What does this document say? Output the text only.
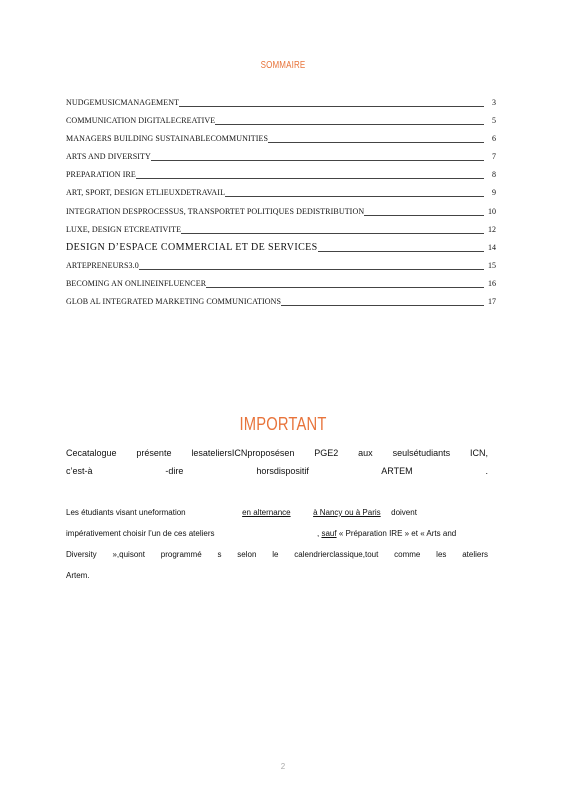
SOMMAIRE
NUDGEMUSICMANAGEMENT	3
COMMUNICATION DIGITALECREATIVE	5
MANAGERS BUILDING SUSTAINABLECOMMUNITIES	6
ARTS AND DIVERSITY	7
PREPARATION IRE	8
ART, SPORT, DESIGN ETLIEUXDETRAVAIL	9
INTEGRATION DESPROCESSUS, TRANSPORTET POLITIQUES DEDISTRIBUTION	10
LUXE, DESIGN ETCREATIVITE	12
DESIGN D’ESPACE COMMERCIAL ET DE SERVICES	14
ARTEPRENEURS3.0	15
BECOMING AN ONLINEINFLUENCER	16
GLOB AL INTEGRATED MARKETING COMMUNICATIONS	17
IMPORTANT
Cecatalogue présente lesateliersICNproposésen PGE2 aux seulsétudiants ICN,
c’est-à -dire horsdispositif ARTEM .
Les étudiants visant uneformation	en alternance	à Nancy ou à Paris doivent
impérativement choisir l’un de ces ateliers	, sauf « Préparation IRE » et « Arts and
Diversity »,quisont programmé s selon le calendrierclassique,tout comme les ateliers
Artem.
2
